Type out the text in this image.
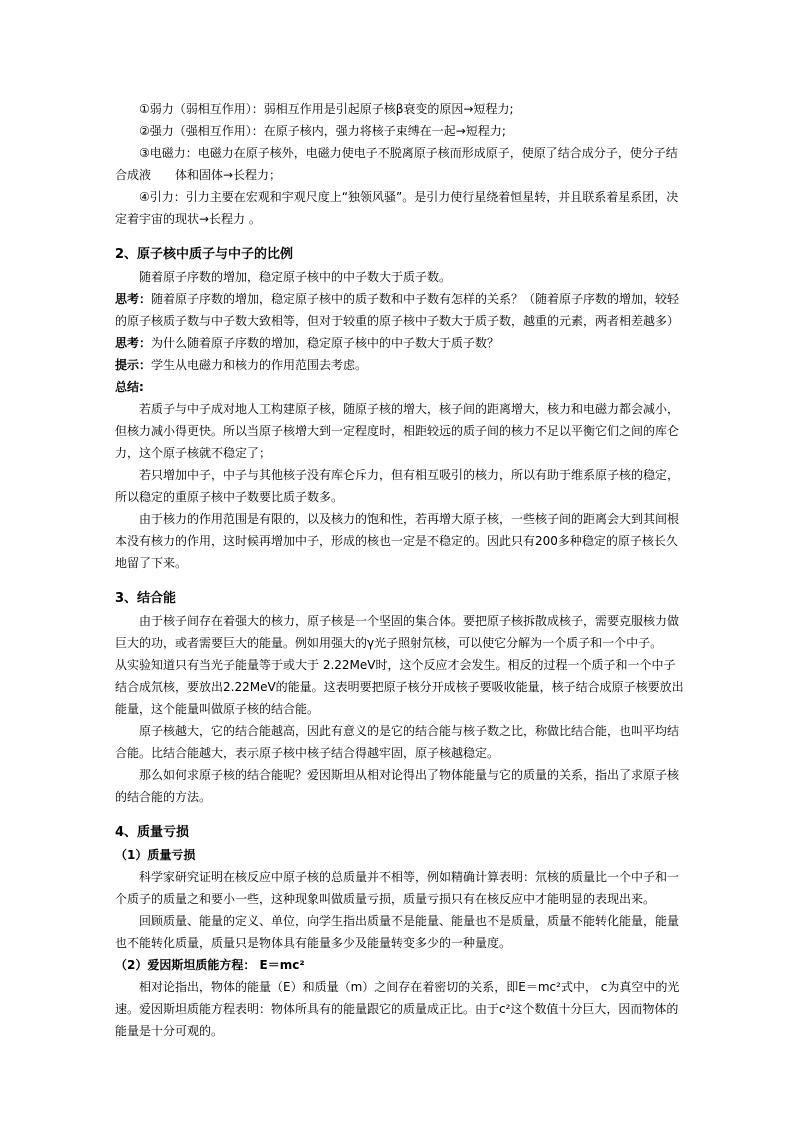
①弱力（弱相互作用）：弱相互作用是引起原子核β衰变的原因→短程力;

②强力（强相互作用）：在原子核内，强力将核子束缚在一起→短程力;

③电磁力：电磁力在原子核外，电磁力使电子不脱离原子核而形成原子，使原了结合成分子，使分子结合成液　　体和固体→长程力；

④引力：引力主要在宏观和宇观尺度上“独领风骚”。是引力使行星绕着恒星转，并且联系着星系团，决定着宇宙的现状→长程力 。

2、原子核中质子与中子的比例

随着原子序数的增加，稳定原子核中的中子数大于质子数。

思考：随着原子序数的增加，稳定原子核中的质子数和中子数有怎样的关系？（随着原子序数的增加，较轻的原子核质子数与中子数大致相等，但对于较重的原子核中子数大于质子数，越重的元素，两者相差越多）

思考：为什么随着原子序数的增加，稳定原子核中的中子数大于质子数？

提示：学生从电磁力和核力的作用范围去考虑。

总结:

若质子与中子成对地人工构建原子核，随原子核的增大，核子间的距离增大，核力和电磁力都会减小，但核力减小得更快。所以当原子核增大到一定程度时，相距较远的质子间的核力不足以平衡它们之间的库仑力，这个原子核就不稳定了；

若只增加中子，中子与其他核子没有库仑斥力，但有相互吸引的核力，所以有助于维系原子核的稳定，所以稳定的重原子核中子数要比质子数多。

由于核力的作用范围是有限的，以及核力的饱和性，若再增大原子核，一些核子间的距离会大到其间根本没有核力的作用，这时候再增加中子，形成的核也一定是不稳定的。因此只有200多种稳定的原子核长久地留了下来。

3、结合能

由于核子间存在着强大的核力，原子核是一个坚固的集合体。要把原子核拆散成核子，需要克服核力做巨大的功，或者需要巨大的能量。例如用强大的γ光子照射氘核，可以使它分解为一个质子和一个中子。

从实验知道只有当光子能量等于或大于 2.22MeV时，这个反应才会发生。相反的过程一个质子和一个中子结合成氘核，要放出2.22MeV的能量。这表明要把原子核分开成核子要吸收能量，核子结合成原子核要放出能量，这个能量叫做原子核的结合能。

原子核越大，它的结合能越高，因此有意义的是它的结合能与核子数之比，称做比结合能，也叫平均结合能。比结合能越大，表示原子核中核子结合得越牢固，原子核越稳定。

那么如何求原子核的结合能呢？爱因斯坦从相对论得出了物体能量与它的质量的关系，指出了求原子核的结合能的方法。

4、质量亏损

（1）质量亏损

科学家研究证明在核反应中原子核的总质量并不相等，例如精确计算表明：氘核的质量比一个中子和一个质子的质量之和要小一些，这种现象叫做质量亏损，质量亏损只有在核反应中才能明显的表现出来。

回顾质量、能量的定义、单位，向学生指出质量不是能量、能量也不是质量，质量不能转化能量，能量也不能转化质量，质量只是物体具有能量多少及能量转变多少的一种量度。

（2）爱因斯坦质能方程： E＝mc²

相对论指出，物体的能量（E）和质量（m）之间存在着密切的关系，即E＝mc²式中， c为真空中的光速。爱因斯坦质能方程表明：物体所具有的能量跟它的质量成正比。由于c²这个数值十分巨大，因而物体的能量是十分可观的。
